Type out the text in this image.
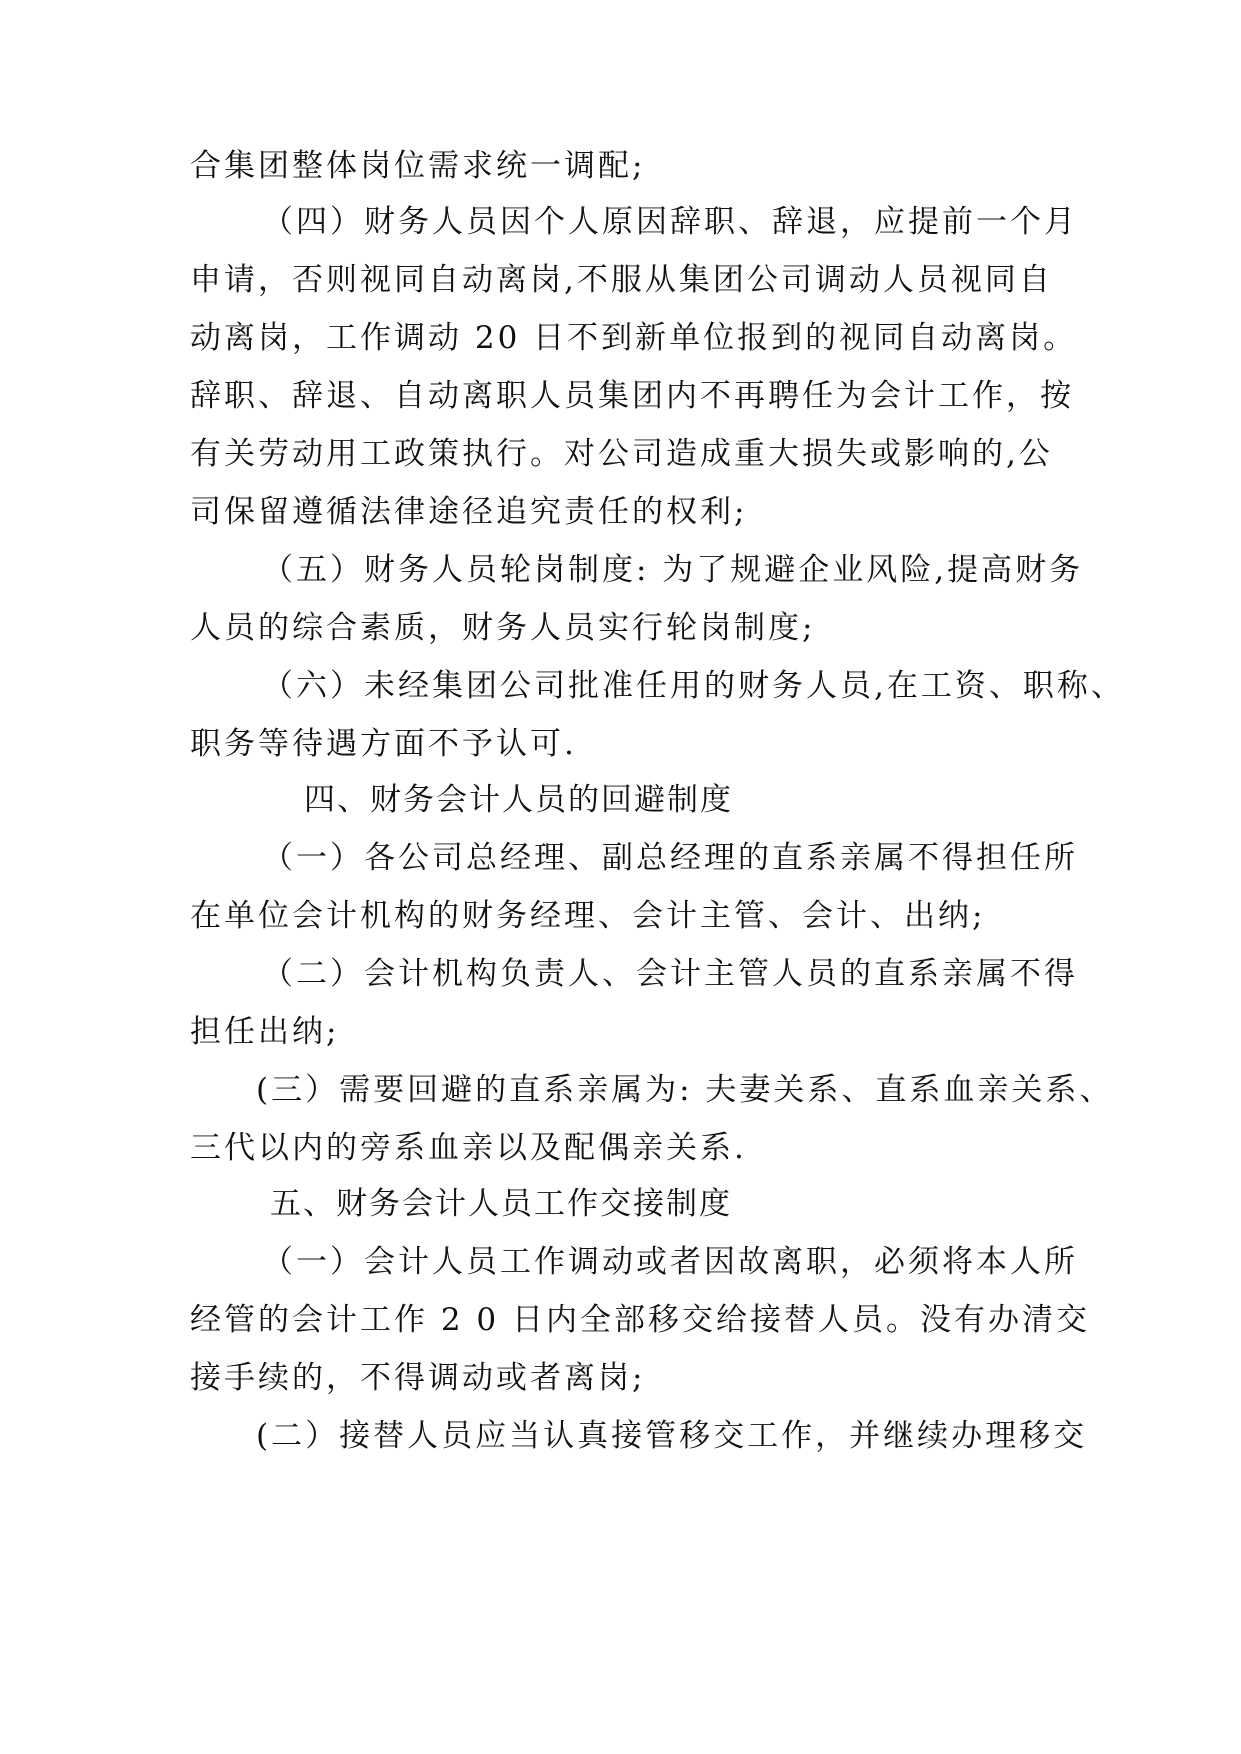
合集团整体岗位需求统一调配;
（四）财务人员因个人原因辞职、辞退，应提前一个月
申请，否则视同自动离岗,不服从集团公司调动人员视同自
动离岗，工作调动 20 日不到新单位报到的视同自动离岗。
辞职、辞退、自动离职人员集团内不再聘任为会计工作，按
有关劳动用工政策执行。对公司造成重大损失或影响的,公
司保留遵循法律途径追究责任的权利;
（五）财务人员轮岗制度: 为了规避企业风险,提高财务
人员的综合素质，财务人员实行轮岗制度;
（六）未经集团公司批准任用的财务人员,在工资、职称、
职务等待遇方面不予认可.
四、财务会计人员的回避制度
（一）各公司总经理、副总经理的直系亲属不得担任所
在单位会计机构的财务经理、会计主管、会计、出纳;
（二）会计机构负责人、会计主管人员的直系亲属不得
担任出纳;
(三）需要回避的直系亲属为: 夫妻关系、直系血亲关系、
三代以内的旁系血亲以及配偶亲关系.
五、财务会计人员工作交接制度
（一）会计人员工作调动或者因故离职，必须将本人所
经管的会计工作 2 0 日内全部移交给接替人员。没有办清交
接手续的，不得调动或者离岗;
(二）接替人员应当认真接管移交工作，并继续办理移交
